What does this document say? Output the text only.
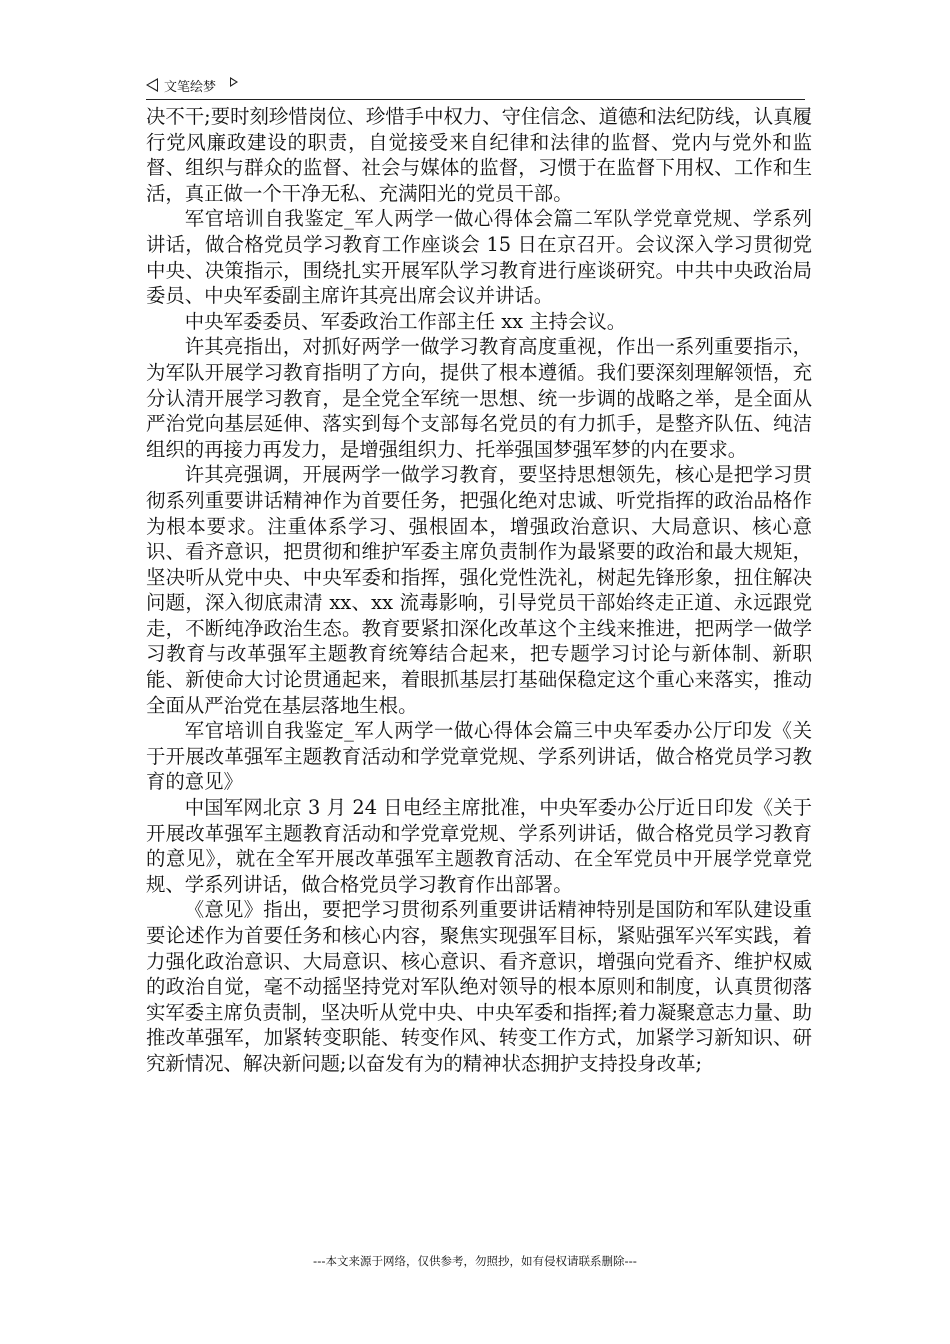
文笔绘梦

决不干;要时刻珍惜岗位、珍惜手中权力、守住信念、道德和法纪防线，认真履行党风廉政建设的职责，自觉接受来自纪律和法律的监督、党内与党外和监督、组织与群众的监督、社会与媒体的监督，习惯于在监督下用权、工作和生活，真正做一个干净无私、充满阳光的党员干部。

军官培训自我鉴定_军人两学一做心得体会篇二军队学党章党规、学系列讲话，做合格党员学习教育工作座谈会 15 日在京召开。会议深入学习贯彻党中央、决策指示，围绕扎实开展军队学习教育进行座谈研究。中共中央政治局委员、中央军委副主席许其亮出席会议并讲话。

中央军委委员、军委政治工作部主任 xx 主持会议。

许其亮指出，对抓好两学一做学习教育高度重视，作出一系列重要指示，为军队开展学习教育指明了方向，提供了根本遵循。我们要深刻理解领悟，充分认清开展学习教育，是全党全军统一思想、统一步调的战略之举，是全面从严治党向基层延伸、落实到每个支部每名党员的有力抓手，是整齐队伍、纯洁组织的再接力再发力，是增强组织力、托举强国梦强军梦的内在要求。

许其亮强调，开展两学一做学习教育，要坚持思想领先，核心是把学习贯彻系列重要讲话精神作为首要任务，把强化绝对忠诚、听党指挥的政治品格作为根本要求。注重体系学习、强根固本，增强政治意识、大局意识、核心意识、看齐意识，把贯彻和维护军委主席负责制作为最紧要的政治和最大规矩，坚决听从党中央、中央军委和指挥，强化党性洗礼，树起先锋形象，扭住解决问题，深入彻底肃清 xx、xx 流毒影响，引导党员干部始终走正道、永远跟党走，不断纯净政治生态。教育要紧扣深化改革这个主线来推进，把两学一做学习教育与改革强军主题教育统筹结合起来，把专题学习讨论与新体制、新职能、新使命大讨论贯通起来，着眼抓基层打基础保稳定这个重心来落实，推动全面从严治党在基层落地生根。

军官培训自我鉴定_军人两学一做心得体会篇三中央军委办公厅印发《关于开展改革强军主题教育活动和学党章党规、学系列讲话，做合格党员学习教育的意见》

中国军网北京 3 月 24 日电经主席批准，中央军委办公厅近日印发《关于开展改革强军主题教育活动和学党章党规、学系列讲话，做合格党员学习教育的意见》，就在全军开展改革强军主题教育活动、在全军党员中开展学党章党规、学系列讲话，做合格党员学习教育作出部署。

《意见》指出，要把学习贯彻系列重要讲话精神特别是国防和军队建设重要论述作为首要任务和核心内容，聚焦实现强军目标，紧贴强军兴军实践，着力强化政治意识、大局意识、核心意识、看齐意识，增强向党看齐、维护权威的政治自觉，毫不动摇坚持党对军队绝对领导的根本原则和制度，认真贯彻落实军委主席负责制，坚决听从党中央、中央军委和指挥;着力凝聚意志力量、助推改革强军，加紧转变职能、转变作风、转变工作方式，加紧学习新知识、研究新情况、解决新问题;以奋发有为的精神状态拥护支持投身改革;

---本文来源于网络，仅供参考，勿照抄，如有侵权请联系删除---
